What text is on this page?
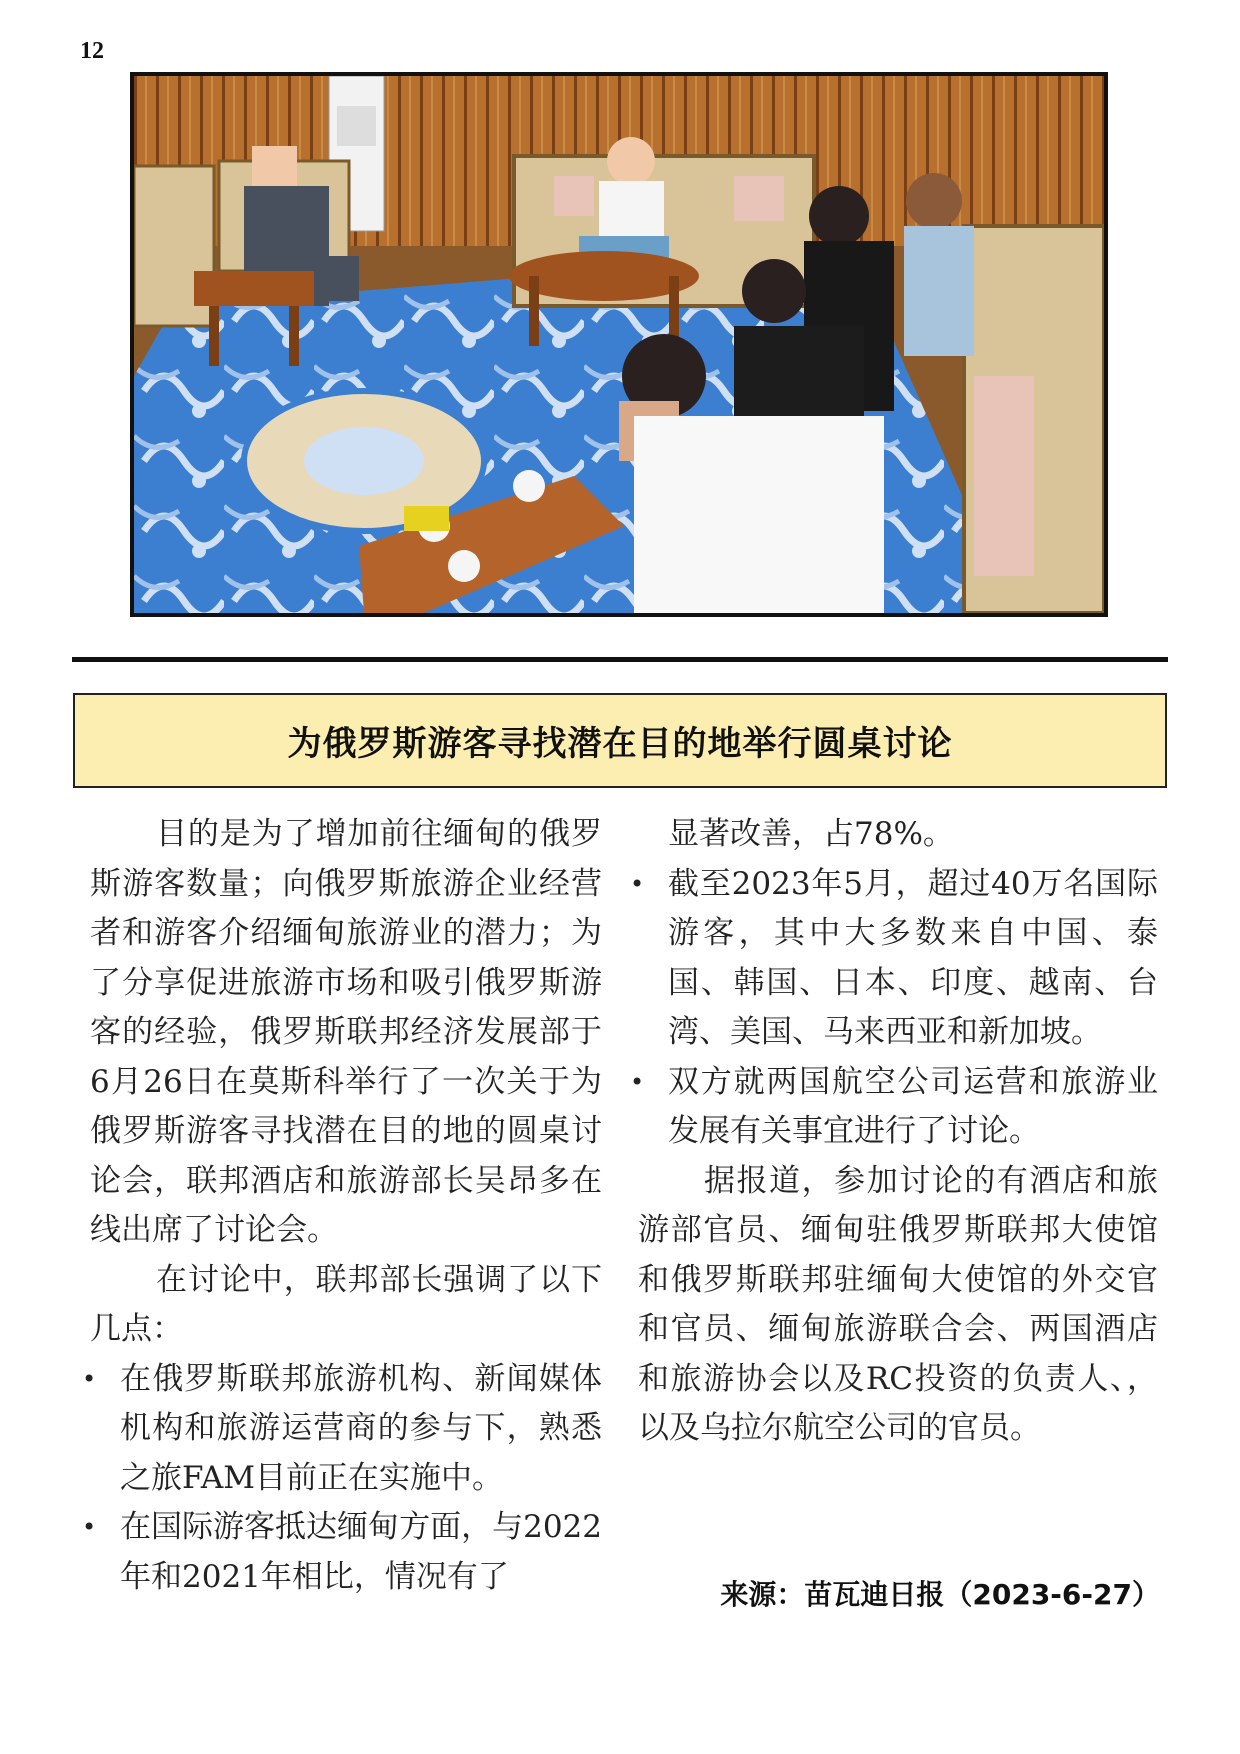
12
为俄罗斯游客寻找潜在目的地举行圆桌讨论

目的是为了增加前往缅甸的俄罗斯游客数量；向俄罗斯旅游企业经营者和游客介绍缅甸旅游业的潜力；为了分享促进旅游市场和吸引俄罗斯游客的经验，俄罗斯联邦经济发展部于6月26日在莫斯科举行了一次关于为俄罗斯游客寻找潜在目的地的圆桌讨论会，联邦酒店和旅游部长吴昂多在线出席了讨论会。

在讨论中，联邦部长强调了以下几点：

• 在俄罗斯联邦旅游机构、新闻媒体机构和旅游运营商的参与下，熟悉之旅FAM目前正在实施中。
• 在国际游客抵达缅甸方面，与2022年和2021年相比，情况有了

显著改善，占78%。

• 截至2023年5月，超过40万名国际游客，其中大多数来自中国、泰国、韩国、日本、印度、越南、台湾、美国、马来西亚和新加坡。
• 双方就两国航空公司运营和旅游业发展有关事宜进行了讨论。

据报道，参加讨论的有酒店和旅游部官员、缅甸驻俄罗斯联邦大使馆和俄罗斯联邦驻缅甸大使馆的外交官和官员、缅甸旅游联合会、两国酒店和旅游协会以及RC投资的负责人、，以及乌拉尔航空公司的官员。

来源：苗瓦迪日报（2023-6-27）
